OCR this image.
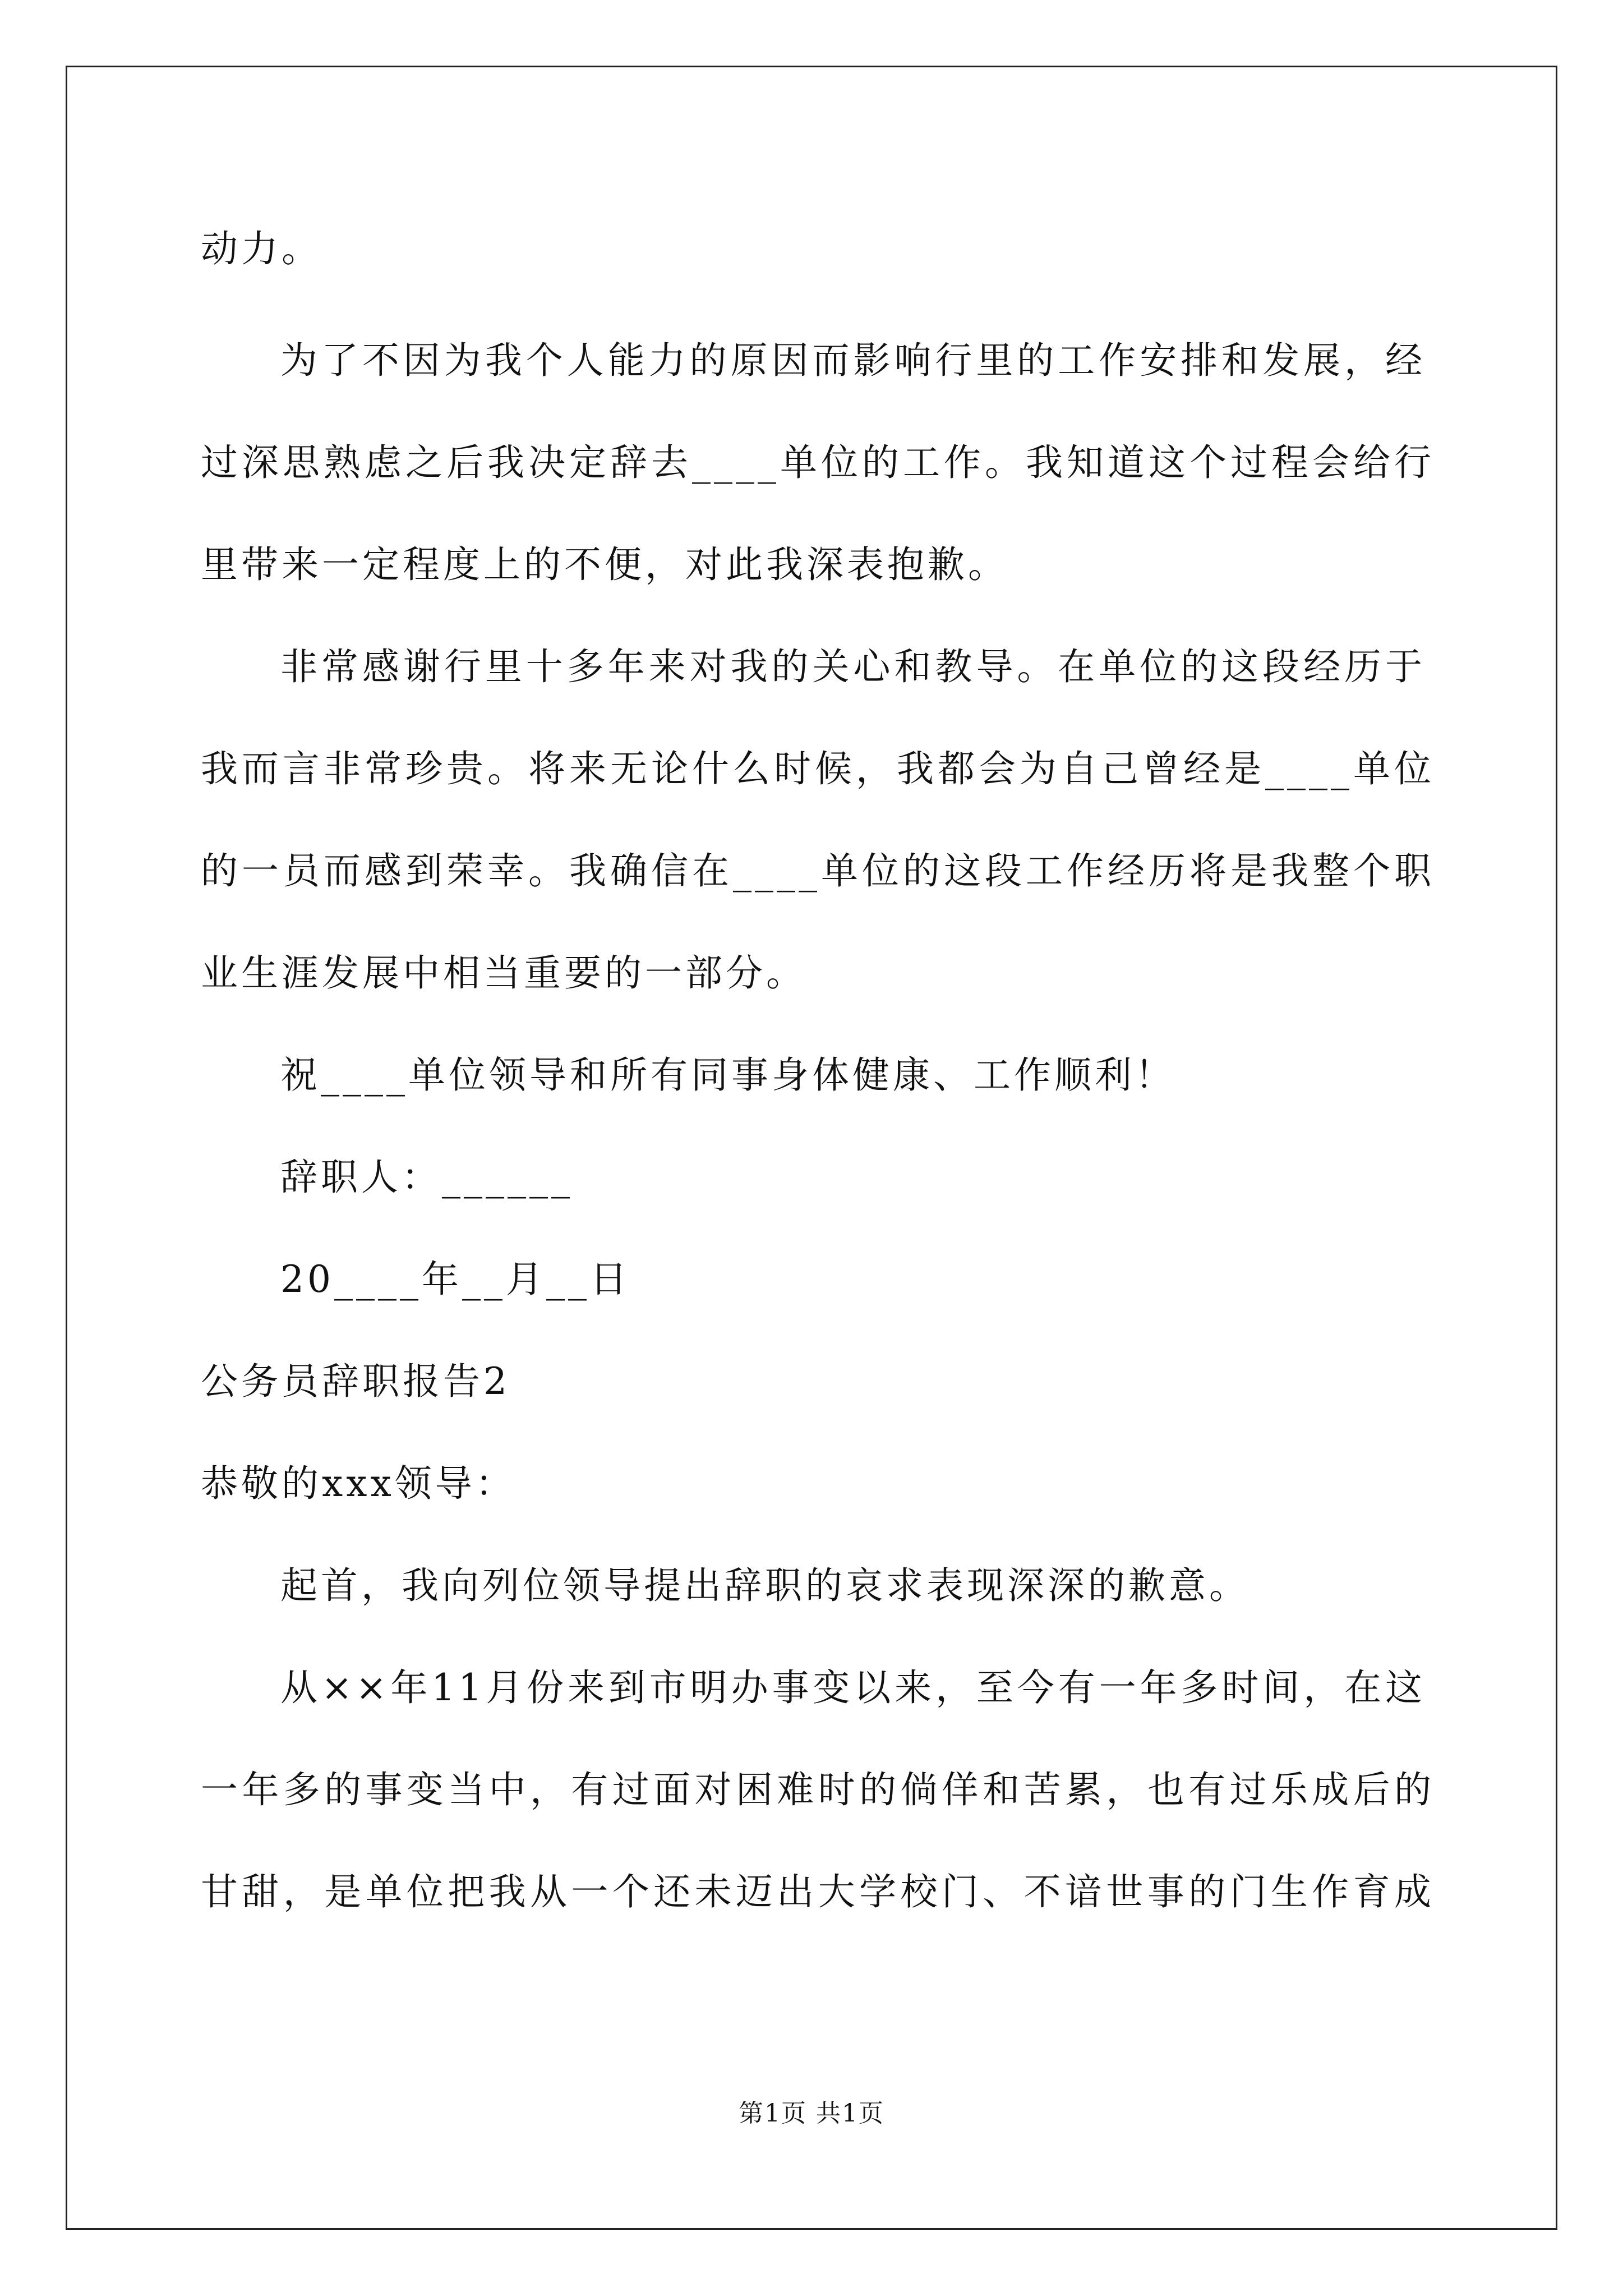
动力。
为了不因为我个人能力的原因而影响行里的工作安排和发展，经
过深思熟虑之后我决定辞去____单位的工作。我知道这个过程会给行
里带来一定程度上的不便，对此我深表抱歉。
非常感谢行里十多年来对我的关心和教导。在单位的这段经历于
我而言非常珍贵。将来无论什么时候，我都会为自己曾经是____单位
的一员而感到荣幸。我确信在____单位的这段工作经历将是我整个职
业生涯发展中相当重要的一部分。
祝____单位领导和所有同事身体健康、工作顺利！
辞职人：______
20____年__月__日
公务员辞职报告2
恭敬的xxx领导：
起首，我向列位领导提出辞职的哀求表现深深的歉意。
从××年11月份来到市明办事变以来，至今有一年多时间，在这
一年多的事变当中，有过面对困难时的倘佯和苦累，也有过乐成后的
甘甜，是单位把我从一个还未迈出大学校门、不谙世事的门生作育成
第1页 共1页
